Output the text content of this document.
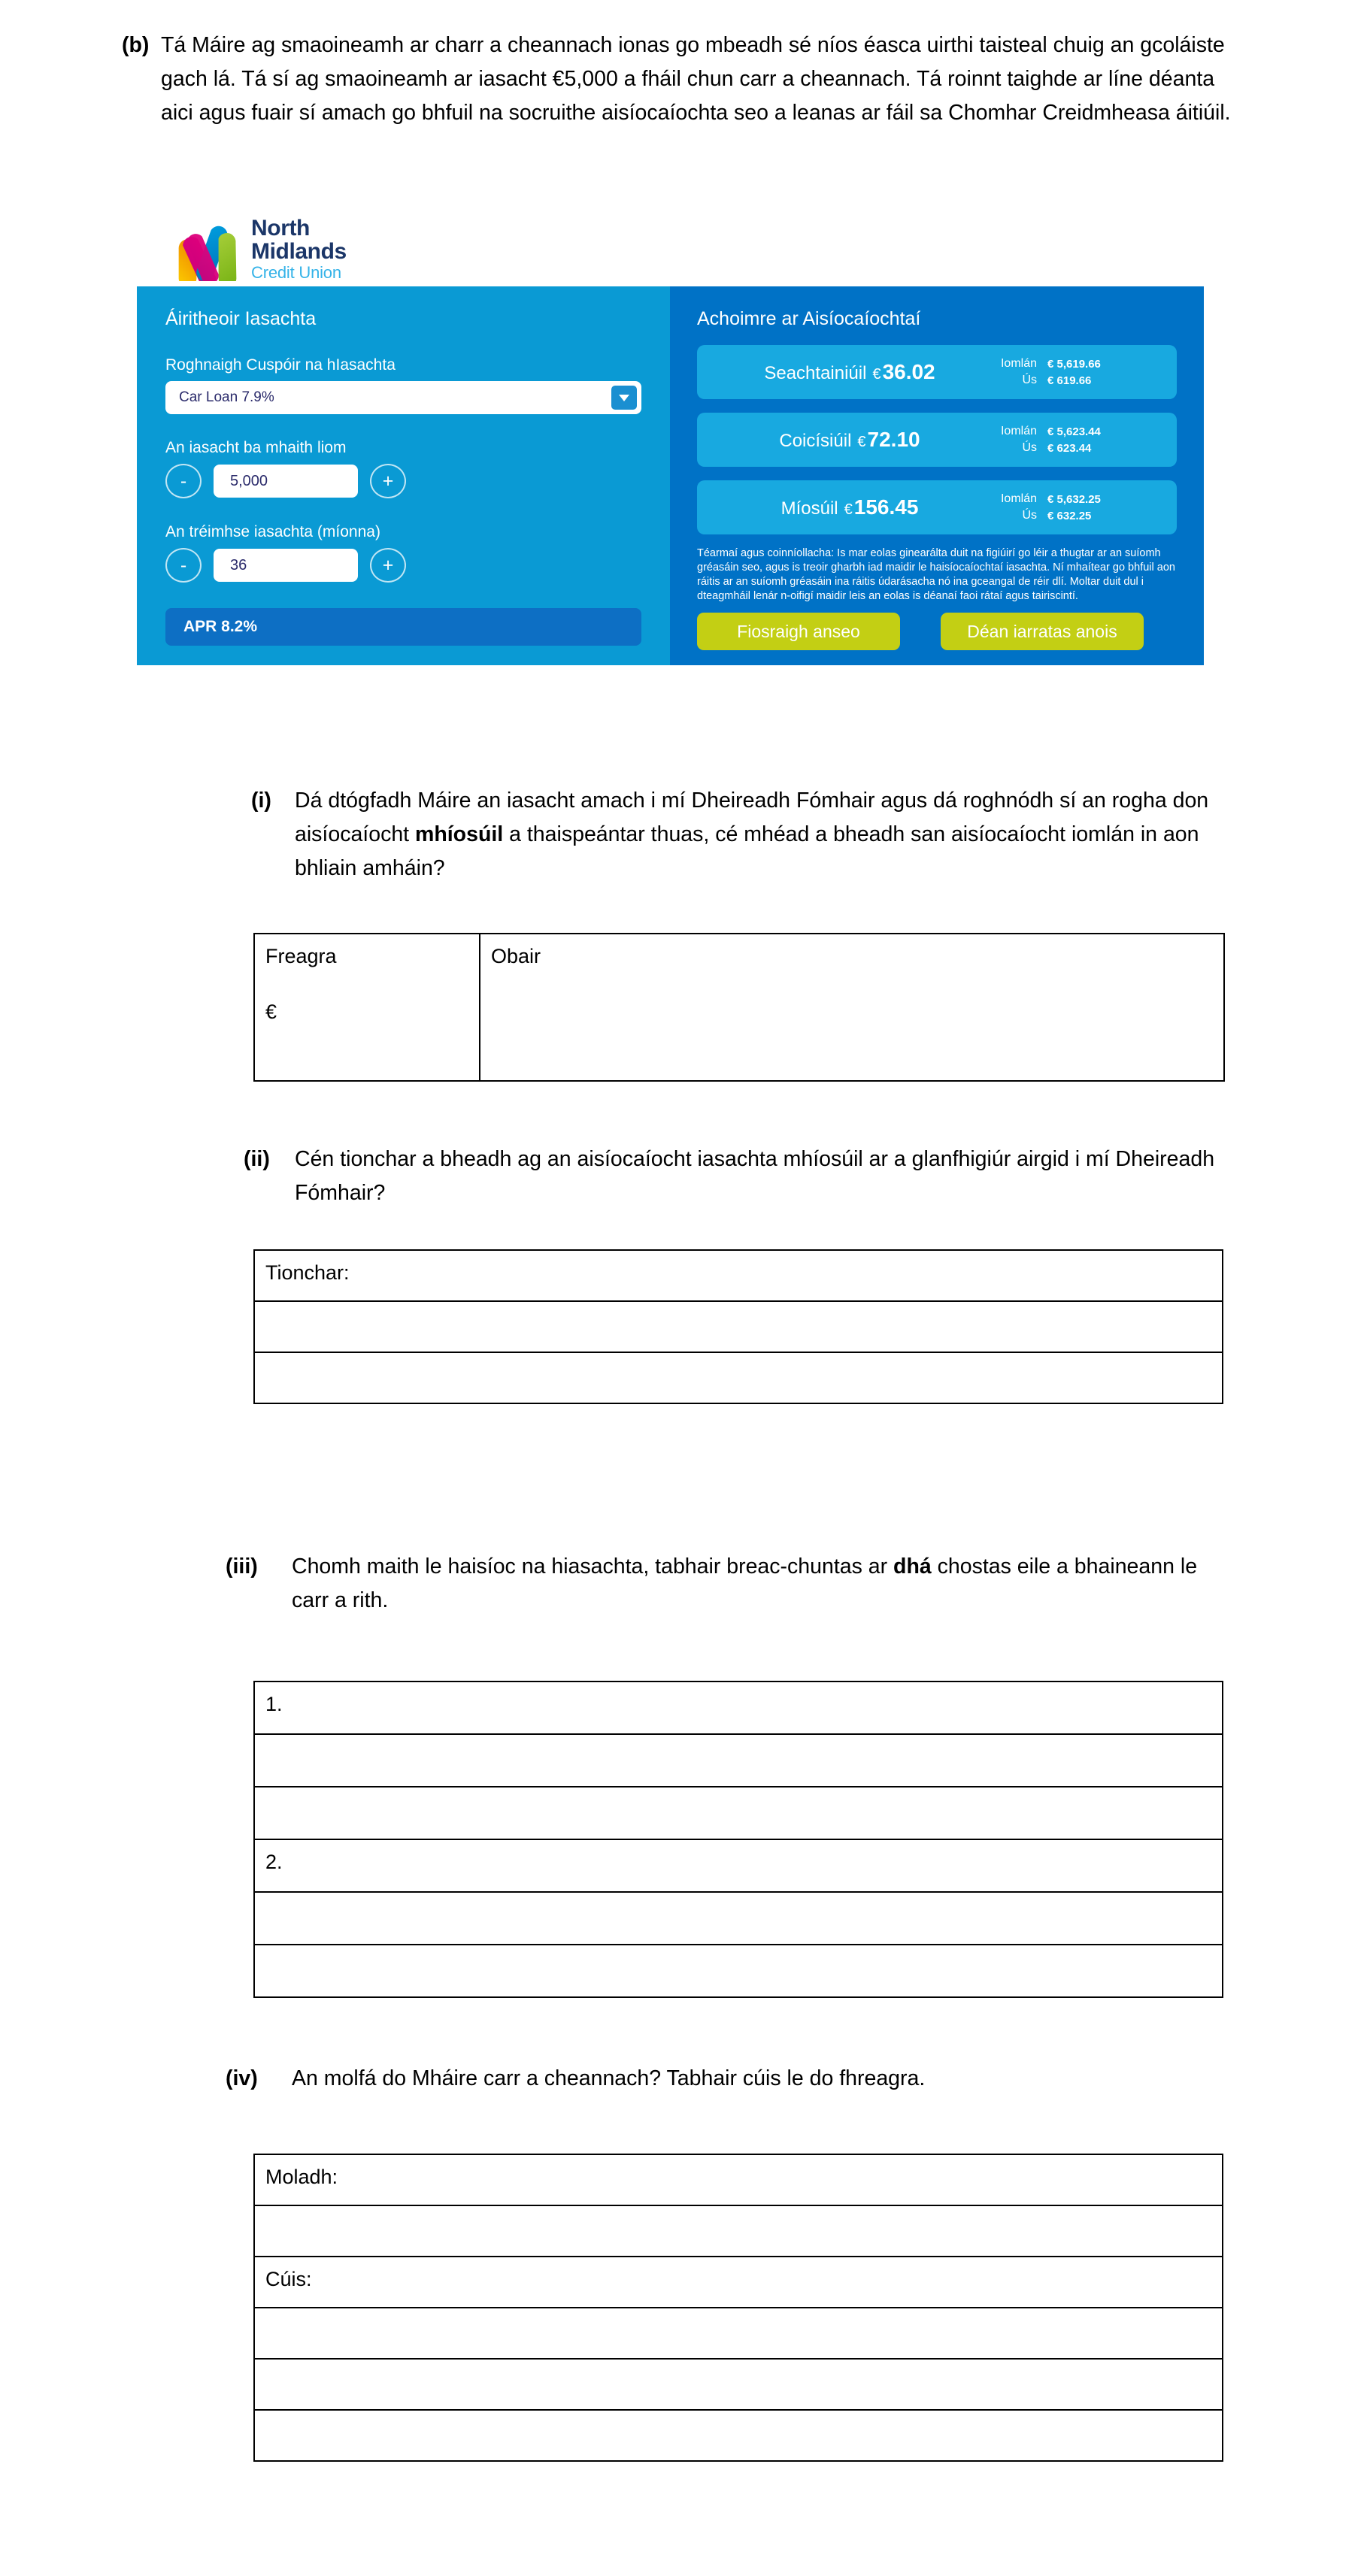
(b) Tá Máire ag smaoineamh ar charr a cheannach ionas go mbeadh sé níos éasca uirthi taisteal chuig an gcoláiste gach lá. Tá sí ag smaoineamh ar iasacht €5,000 a fháil chun carr a cheannach. Tá roinnt taighde ar líne déanta aici agus fuair sí amach go bhfuil na socruithe aisíocaíochta seo a leanas ar fáil sa Chomhar Creidmheasa áitiúil.
North
Midlands
Credit Union
Áiritheoir Iasachta
Roghnaigh Cuspóir na hIasachta
Car Loan 7.9%
An iasacht ba mhaith liom
-	5,000	+
An tréimhse iasachta (míonna)
-	36	+
APR 8.2%
Achoimre ar Aisíocaíochtaí
Seachtainiúil €36.02	Iomlán € 5,619.66
Ús € 619.66
Coicísiúil €72.10	Iomlán € 5,623.44
Ús € 623.44
Míosúil €156.45	Iomlán € 5,632.25
Ús € 632.25
Téarmaí agus coinníollacha: Is mar eolas ginearálta duit na figiúirí go léir a thugtar ar an suíomh gréasáin seo, agus is treoir gharbh iad maidir le haisíocaíochtaí iasachta. Ní mhaítear go bhfuil aon ráitis ar an suíomh gréasáin ina ráitis údarásacha nó ina gceangal de réir dlí. Moltar duit dul i dteagmháil lenár n-oifigí maidir leis an eolas is déanaí faoi rátaí agus tairiscintí.
Fiosraigh anseo	Déan iarratas anois
(i)	Dá dtógfadh Máire an iasacht amach i mí Dheireadh Fómhair agus dá roghnódh sí an rogha don aisíocaíocht mhíosúil a thaispeántar thuas, cé mhéad a bheadh san aisíocaíocht iomlán in aon bhliain amháin?
Freagra
€

Obair
(ii)	Cén tionchar a bheadh ag an aisíocaíocht iasachta mhíosúil ar a glanfhigiúr airgid i mí Dheireadh Fómhair?
Tionchar:

(iii)	Chomh maith le haisíoc na hiasachta, tabhair breac-chuntas ar dhá chostas eile a bhaineann le carr a rith.
1.

2.

(iv)	An molfá do Mháire carr a cheannach? Tabhair cúis le do fhreagra.
Moladh:

Cúis:
